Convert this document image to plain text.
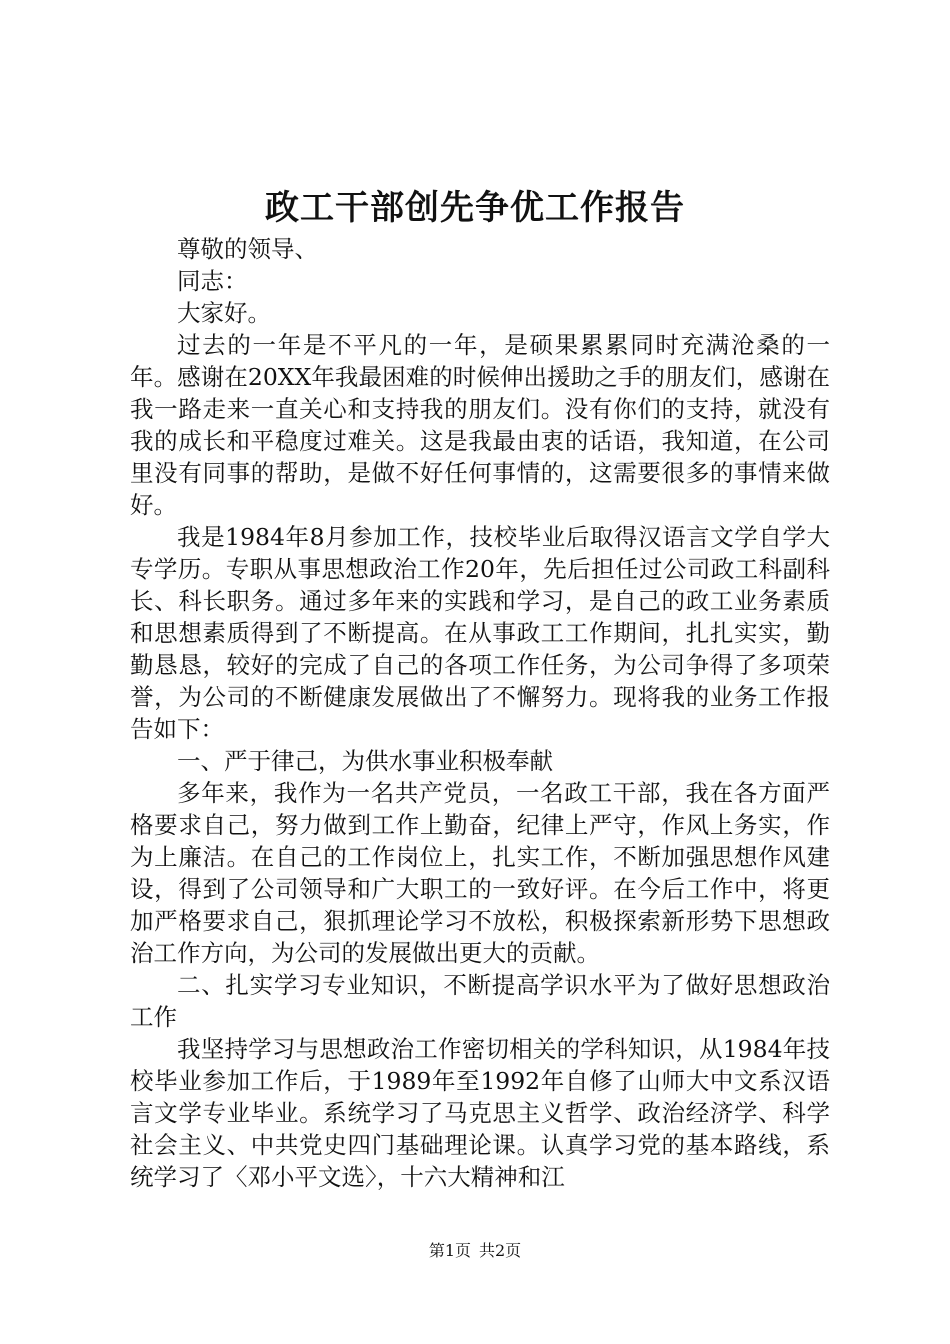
政工干部创先争优工作报告

尊敬的领导、

同志：

大家好。

过去的一年是不平凡的一年，是硕果累累同时充满沧桑的一年。感谢在20XX年我最困难的时候伸出援助之手的朋友们，感谢在我一路走来一直关心和支持我的朋友们。没有你们的支持，就没有我的成长和平稳度过难关。这是我最由衷的话语，我知道，在公司里没有同事的帮助，是做不好任何事情的，这需要很多的事情来做好。

我是1984年8月参加工作，技校毕业后取得汉语言文学自学大专学历。专职从事思想政治工作20年，先后担任过公司政工科副科长、科长职务。通过多年来的实践和学习，是自己的政工业务素质和思想素质得到了不断提高。在从事政工工作期间，扎扎实实，勤勤恳恳，较好的完成了自己的各项工作任务，为公司争得了多项荣誉，为公司的不断健康发展做出了不懈努力。现将我的业务工作报告如下：

一、严于律己，为供水事业积极奉献

多年来，我作为一名共产党员，一名政工干部，我在各方面严格要求自己，努力做到工作上勤奋，纪律上严守，作风上务实，作为上廉洁。在自己的工作岗位上，扎实工作，不断加强思想作风建设，得到了公司领导和广大职工的一致好评。在今后工作中，将更加严格要求自己，狠抓理论学习不放松，积极探索新形势下思想政治工作方向，为公司的发展做出更大的贡献。

二、扎实学习专业知识，不断提高学识水平为了做好思想政治工作

我坚持学习与思想政治工作密切相关的学科知识，从1984年技校毕业参加工作后，于1989年至1992年自修了山师大中文系汉语言文学专业毕业。系统学习了马克思主义哲学、政治经济学、科学社会主义、中共党史四门基础理论课。认真学习党的基本路线，系统学习了〈邓小平文选〉，十六大精神和江

第1页 共2页
